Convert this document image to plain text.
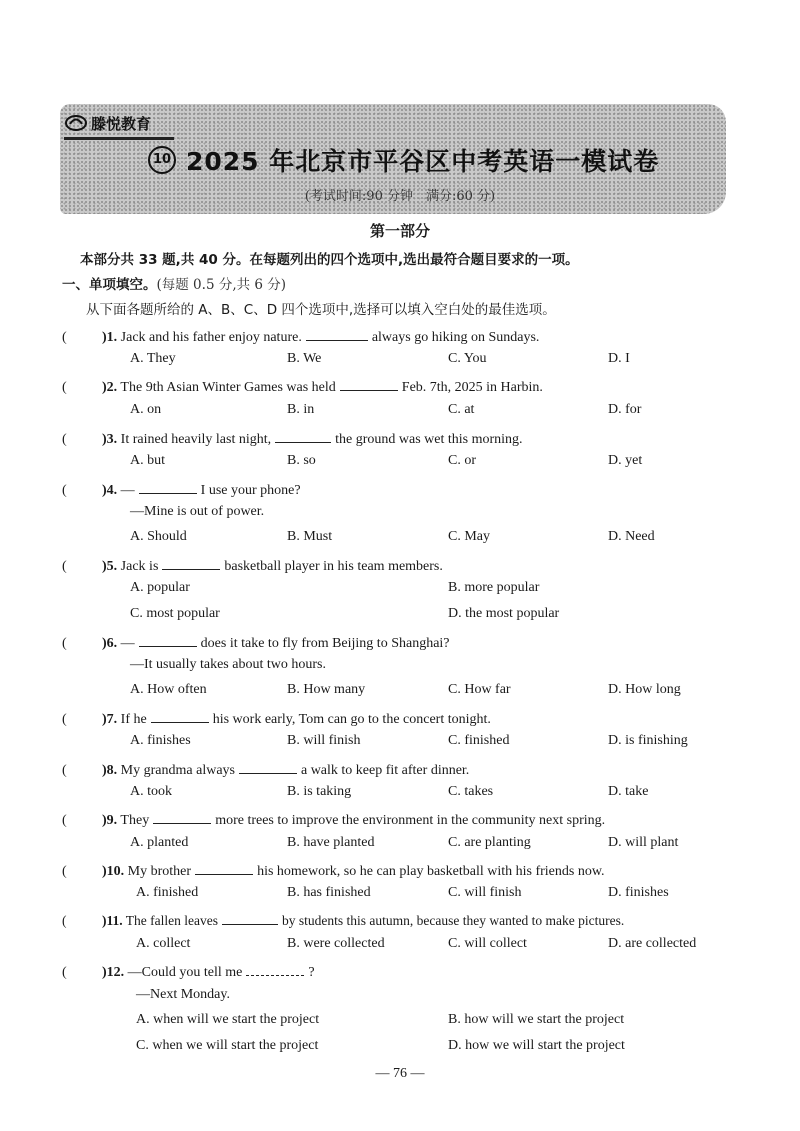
滕悦教育
10 2025 年北京市平谷区中考英语一模试卷
(考试时间:90 分钟　满分:60 分)
第一部分
本部分共 33 题,共 40 分。在每题列出的四个选项中,选出最符合题目要求的一项。
一、单项填空。(每题 0.5 分,共 6 分)
从下面各题所给的 A、B、C、D 四个选项中,选择可以填入空白处的最佳选项。
(	)1. Jack and his father enjoy nature.	always go hiking on Sundays.
A. They	B. We	C. You	D. I
(	)2. The 9th Asian Winter Games was held	Feb. 7th, 2025 in Harbin.
A. on	B. in	C. at	D. for
(	)3. It rained heavily last night,	the ground was wet this morning.
A. but	B. so	C. or	D. yet
(	)4. —	I use your phone?
—Mine is out of power.
A. Should	B. Must	C. May	D. Need
(	)5. Jack is	basketball player in his team members.
A. popular	B. more popular
C. most popular	D. the most popular
(	)6. —	does it take to fly from Beijing to Shanghai?
—It usually takes about two hours.
A. How often	B. How many	C. How far	D. How long
(	)7. If he	his work early, Tom can go to the concert tonight.
A. finishes	B. will finish	C. finished	D. is finishing
(	)8. My grandma always	a walk to keep fit after dinner.
A. took	B. is taking	C. takes	D. take
(	)9. They	more trees to improve the environment in the community next spring.
A. planted	B. have planted	C. are planting	D. will plant
(	)10. My brother	his homework, so he can play basketball with his friends now.
A. finished	B. has finished	C. will finish	D. finishes
(	)11. The fallen leaves	by students this autumn, because they wanted to make pictures.
A. collect	B. were collected	C. will collect	D. are collected
(	)12. —Could you tell me	?
—Next Monday.
A. when will we start the project	B. how will we start the project
C. when we will start the project	D. how we will start the project
— 76 —
